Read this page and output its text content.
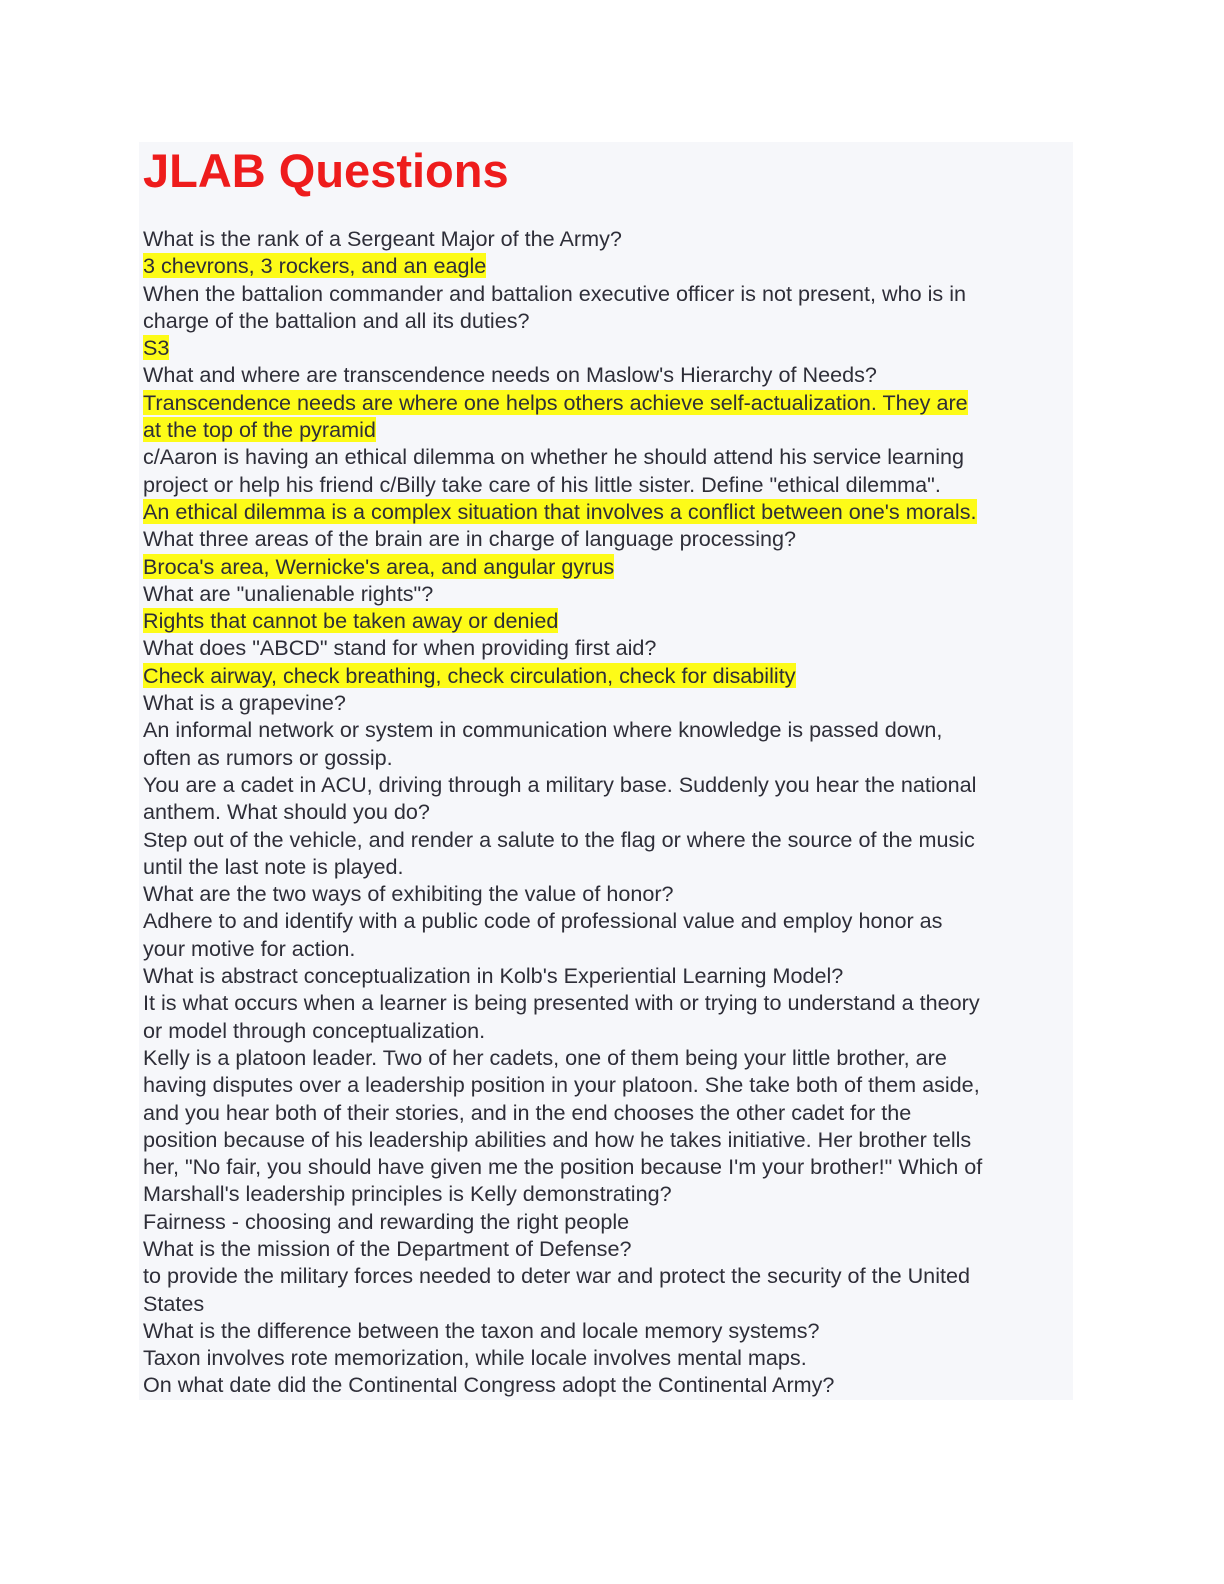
JLAB Questions
What is the rank of a Sergeant Major of the Army?
3 chevrons, 3 rockers, and an eagle
When the battalion commander and battalion executive officer is not present, who is in
charge of the battalion and all its duties?
S3
What and where are transcendence needs on Maslow's Hierarchy of Needs?
Transcendence needs are where one helps others achieve self-actualization. They are
at the top of the pyramid
c/Aaron is having an ethical dilemma on whether he should attend his service learning
project or help his friend c/Billy take care of his little sister. Define "ethical dilemma".
An ethical dilemma is a complex situation that involves a conflict between one's morals.
What three areas of the brain are in charge of language processing?
Broca's area, Wernicke's area, and angular gyrus
What are "unalienable rights"?
Rights that cannot be taken away or denied
What does "ABCD" stand for when providing first aid?
Check airway, check breathing, check circulation, check for disability
What is a grapevine?
An informal network or system in communication where knowledge is passed down,
often as rumors or gossip.
You are a cadet in ACU, driving through a military base. Suddenly you hear the national
anthem. What should you do?
Step out of the vehicle, and render a salute to the flag or where the source of the music
until the last note is played.
What are the two ways of exhibiting the value of honor?
Adhere to and identify with a public code of professional value and employ honor as
your motive for action.
What is abstract conceptualization in Kolb's Experiential Learning Model?
It is what occurs when a learner is being presented with or trying to understand a theory
or model through conceptualization.
Kelly is a platoon leader. Two of her cadets, one of them being your little brother, are
having disputes over a leadership position in your platoon. She take both of them aside,
and you hear both of their stories, and in the end chooses the other cadet for the
position because of his leadership abilities and how he takes initiative. Her brother tells
her, "No fair, you should have given me the position because I'm your brother!" Which of
Marshall's leadership principles is Kelly demonstrating?
Fairness - choosing and rewarding the right people
What is the mission of the Department of Defense?
to provide the military forces needed to deter war and protect the security of the United
States
What is the difference between the taxon and locale memory systems?
Taxon involves rote memorization, while locale involves mental maps.
On what date did the Continental Congress adopt the Continental Army?
